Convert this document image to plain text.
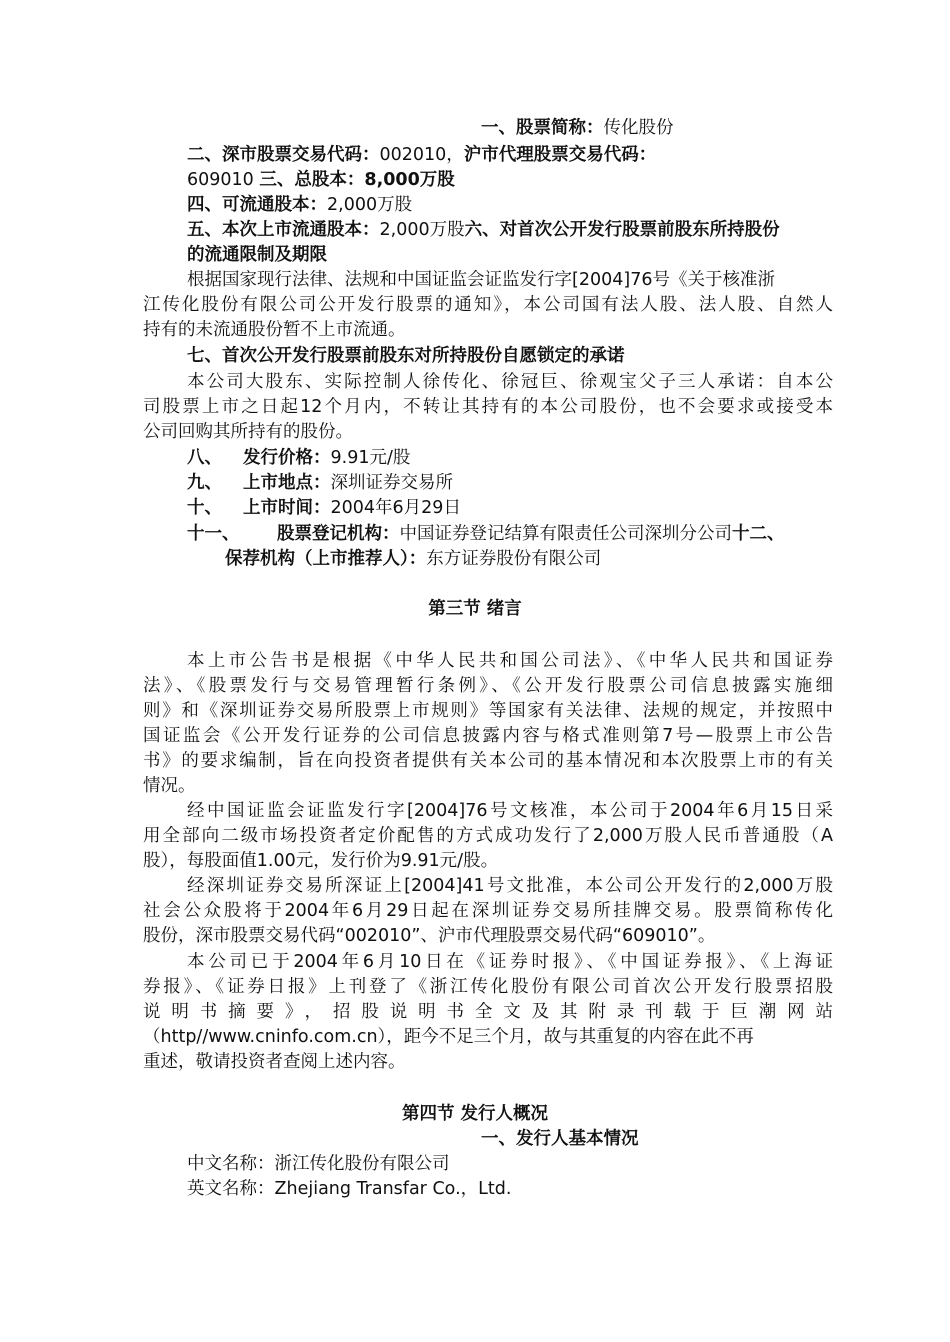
一、股票简称：传化股份
二、深市股票交易代码：002010，沪市代理股票交易代码：
609010 三、总股本：8,000万股
四、可流通股本：2,000万股
五、本次上市流通股本：2,000万股六、对首次公开发行股票前股东所持股份
的流通限制及期限
根据国家现行法律、法规和中国证监会证监发行字[2004]76号《关于核准浙
江传化股份有限公司公开发行股票的通知》，本公司国有法人股、法人股、自然人
持有的未流通股份暂不上市流通。
七、首次公开发行股票前股东对所持股份自愿锁定的承诺
本公司大股东、实际控制人徐传化、徐冠巨、徐观宝父子三人承诺：自本公
司股票上市之日起12个月内，不转让其持有的本公司股份，也不会要求或接受本
公司回购其所持有的股份。
八、 发行价格：9.91元/股
九、 上市地点：深圳证券交易所
十、 上市时间：2004年6月29日
十一、 股票登记机构：中国证券登记结算有限责任公司深圳分公司十二、
保荐机构（上市推荐人）：东方证券股份有限公司
第三节 绪言
本上市公告书是根据《中华人民共和国公司法》、《中华人民共和国证券
法》、《股票发行与交易管理暂行条例》、《公开发行股票公司信息披露实施细
则》和《深圳证券交易所股票上市规则》等国家有关法律、法规的规定，并按照中
国证监会《公开发行证券的公司信息披露内容与格式准则第7号—股票上市公告
书》的要求编制，旨在向投资者提供有关本公司的基本情况和本次股票上市的有关
情况。
经中国证监会证监发行字[2004]76号文核准，本公司于2004年6月15日采
用全部向二级市场投资者定价配售的方式成功发行了2,000万股人民币普通股（A
股），每股面值1.00元，发行价为9.91元/股。
经深圳证券交易所深证上[2004]41号文批准，本公司公开发行的2,000万股
社会公众股将于2004年6月29日起在深圳证券交易所挂牌交易。股票简称传化
股份，深市股票交易代码“002010”、沪市代理股票交易代码“609010”。
本公司已于2004年6月10日在《证券时报》、《中国证券报》、《上海证
券报》、《证券日报》上刊登了《浙江传化股份有限公司首次公开发行股票招股
说明书摘要》，招股说明书全文及其附录刊载于巨潮网站
（http//www.cninfo.com.cn），距今不足三个月，故与其重复的内容在此不再
重述，敬请投资者查阅上述内容。
第四节 发行人概况
一、发行人基本情况
中文名称：浙江传化股份有限公司
英文名称：Zhejiang Transfar Co.，Ltd.
